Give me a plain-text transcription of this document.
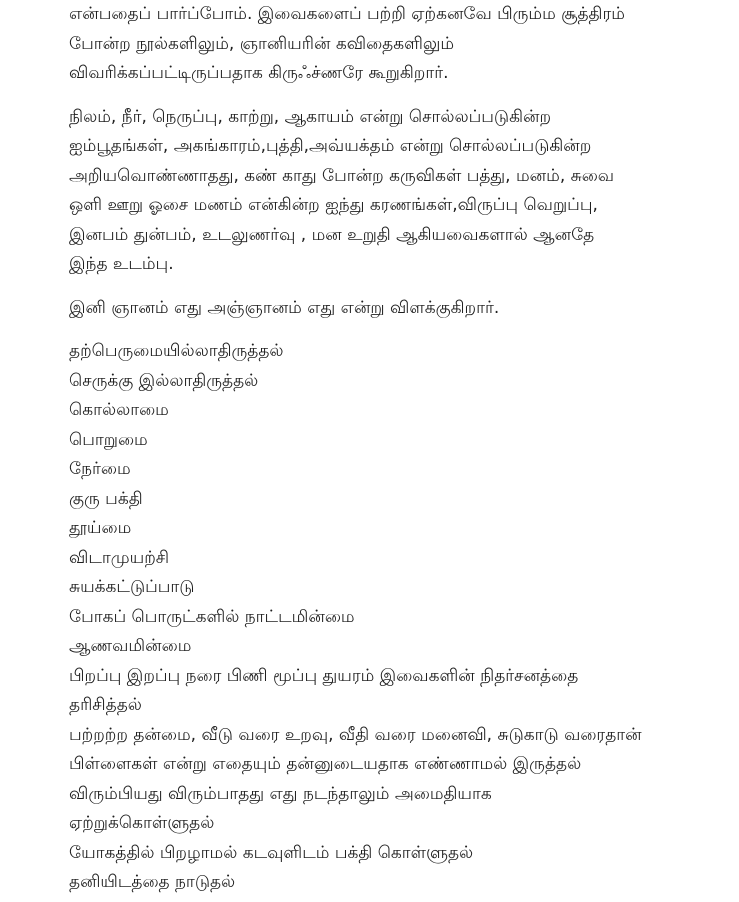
என்பதைப் பார்ப்போம். இவைகளைப் பற்றி ஏற்கனவே பிரும்ம சூத்திரம்
போன்ற நூல்களிலும், ஞானியரின் கவிதைகளிலும்
விவரிக்கப்பட்டிருப்பதாக கிருஃச்ணரே கூறுகிறார்.

நிலம், நீர், நெருப்பு, காற்று, ஆகாயம் என்று சொல்லப்படுகின்ற
ஐம்பூதங்கள், அகங்காரம்,புத்தி,அவ்யக்தம் என்று சொல்லப்படுகின்ற
அறியவொண்ணாதது, கண் காது போன்ற கருவிகள் பத்து, மனம், சுவை
ஒளி ஊறு ஓசை மணம் என்கின்ற ஐந்து கரணங்கள்,விருப்பு வெறுப்பு,
இனபம் துன்பம், உடலுணர்வு , மன உறுதி ஆகியவைகளால் ஆனதே
இந்த உடம்பு.

இனி ஞானம் எது அஞ்ஞானம் எது என்று விளக்குகிறார்.

தற்பெருமையில்லாதிருத்தல்
செருக்கு இல்லாதிருத்தல்
கொல்லாமை
பொறுமை
நேர்மை
குரு பக்தி
தூய்மை
விடாமுயற்சி
சுயக்கட்டுப்பாடு
போகப் பொருட்களில் நாட்டமின்மை
ஆணவமின்மை
பிறப்பு இறப்பு நரை பிணி மூப்பு துயரம் இவைகளின் நிதர்சனத்தை
தரிசித்தல்
பற்றற்ற தன்மை, வீடு வரை உறவு, வீதி வரை மனைவி, சுடுகாடு வரைதான்
பிள்ளைகள் என்று எதையும் தன்னுடையதாக எண்ணாமல் இருத்தல்
விரும்பியது விரும்பாதது எது நடந்தாலும் அமைதியாக
ஏற்றுக்கொள்ளுதல்
யோகத்தில் பிறழாமல் கடவுளிடம் பக்தி கொள்ளுதல்
தனியிடத்தை நாடுதல்
